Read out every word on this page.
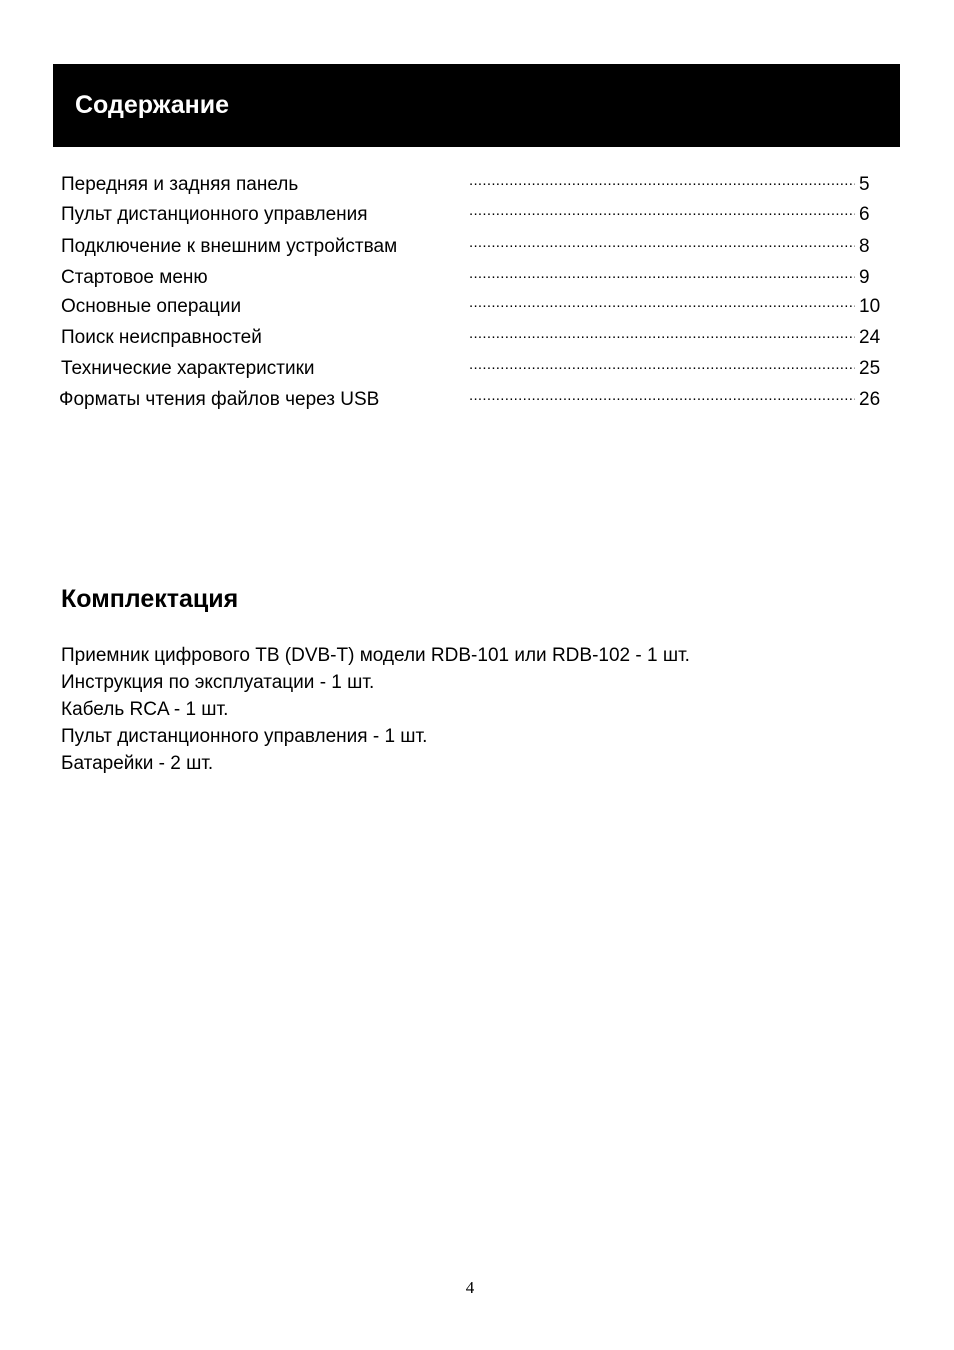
Содержание
Передняя и задняя панель .....	5
Пульт дистанционного управления .....	6
Подключение к внешним устройствам .....	8
Стартовое меню .....	9
Основные операции .....	10
Поиск неисправностей .....	24
Технические характеристики .....	25
Форматы чтения файлов через USB .....	26
Комплектация
Приемник цифрового ТВ (DVB-T) модели RDB-101 или RDB-102 - 1 шт.
Инструкция по эксплуатации - 1 шт.
Кабель RCA - 1 шт.
Пульт дистанционного управления - 1 шт.
Батарейки - 2 шт.
4
